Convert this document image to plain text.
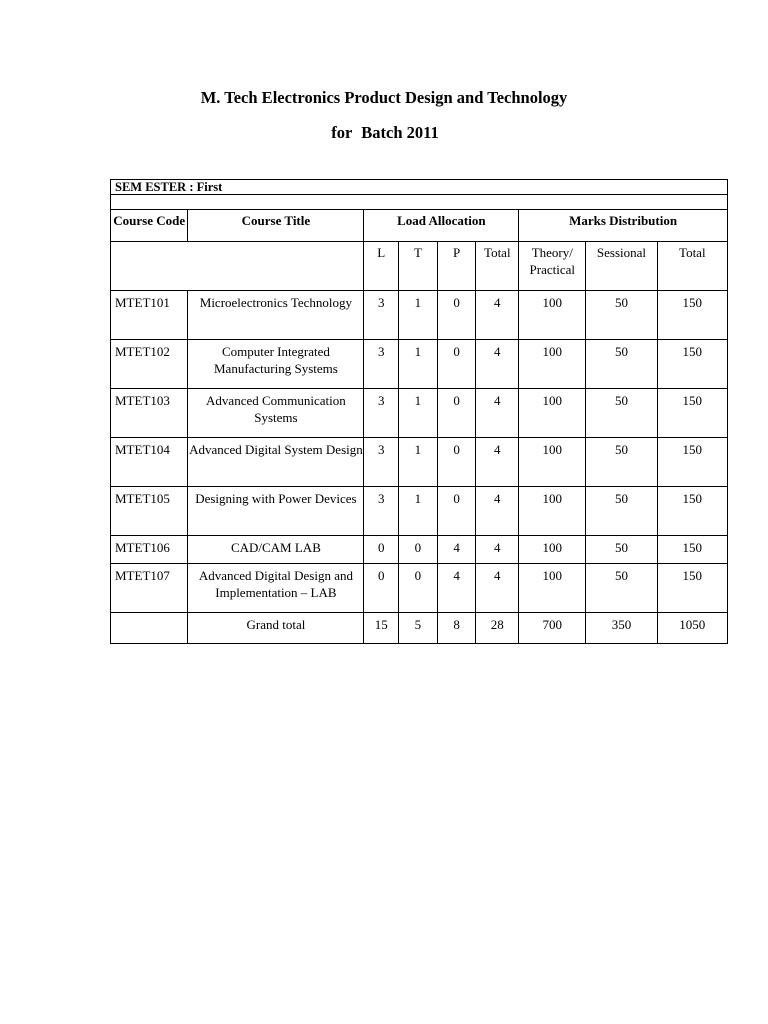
M. Tech Electronics Product Design and Technology
for Batch 2011
SEM ESTER : First								

Course Code	Course Title	Load Allocation				Marks Distribution		
		L	T	P	Total	Theory/ Practical	Sessional	Total
MTET101	Microelectronics Technology	3	1	0	4	100	50	150
MTET102	Computer Integrated Manufacturing Systems	3	1	0	4	100	50	150
MTET103	Advanced Communication Systems	3	1	0	4	100	50	150
MTET104	Advanced Digital System Design	3	1	0	4	100	50	150
MTET105	Designing with Power Devices	3	1	0	4	100	50	150
MTET106	CAD/CAM LAB	0	0	4	4	100	50	150
MTET107	Advanced Digital Design and Implementation – LAB	0	0	4	4	100	50	150
	Grand total	15	5	8	28	700	350	1050
